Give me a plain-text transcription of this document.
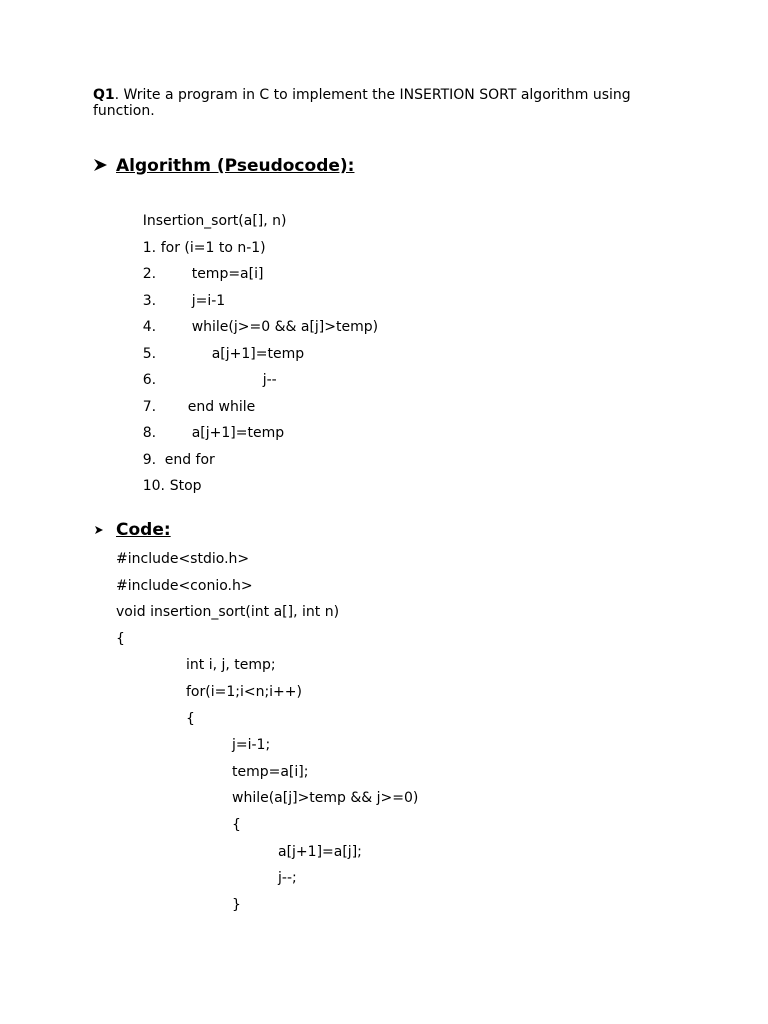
Q1. Write a program in C to implement the INSERTION SORT algorithm using function.
Algorithm (Pseudocode):

Insertion_sort(a[], n)

1. for (i=1 to n-1)

2.	temp=a[i]

3.	j=i-1

4.	while(j>=0 && a[j]>temp)

5.	a[j+1]=temp

6.	j--

7. end while

8.	a[j+1]=temp

9. end for

10. Stop

Code:
#include<stdio.h>
#include<conio.h>
void insertion_sort(int a[], int n)
{
int i, j, temp;
for(i=1;i<n;i++)
{
j=i-1;
temp=a[i];
while(a[j]>temp && j>=0)
{
a[j+1]=a[j];
j--;
}
